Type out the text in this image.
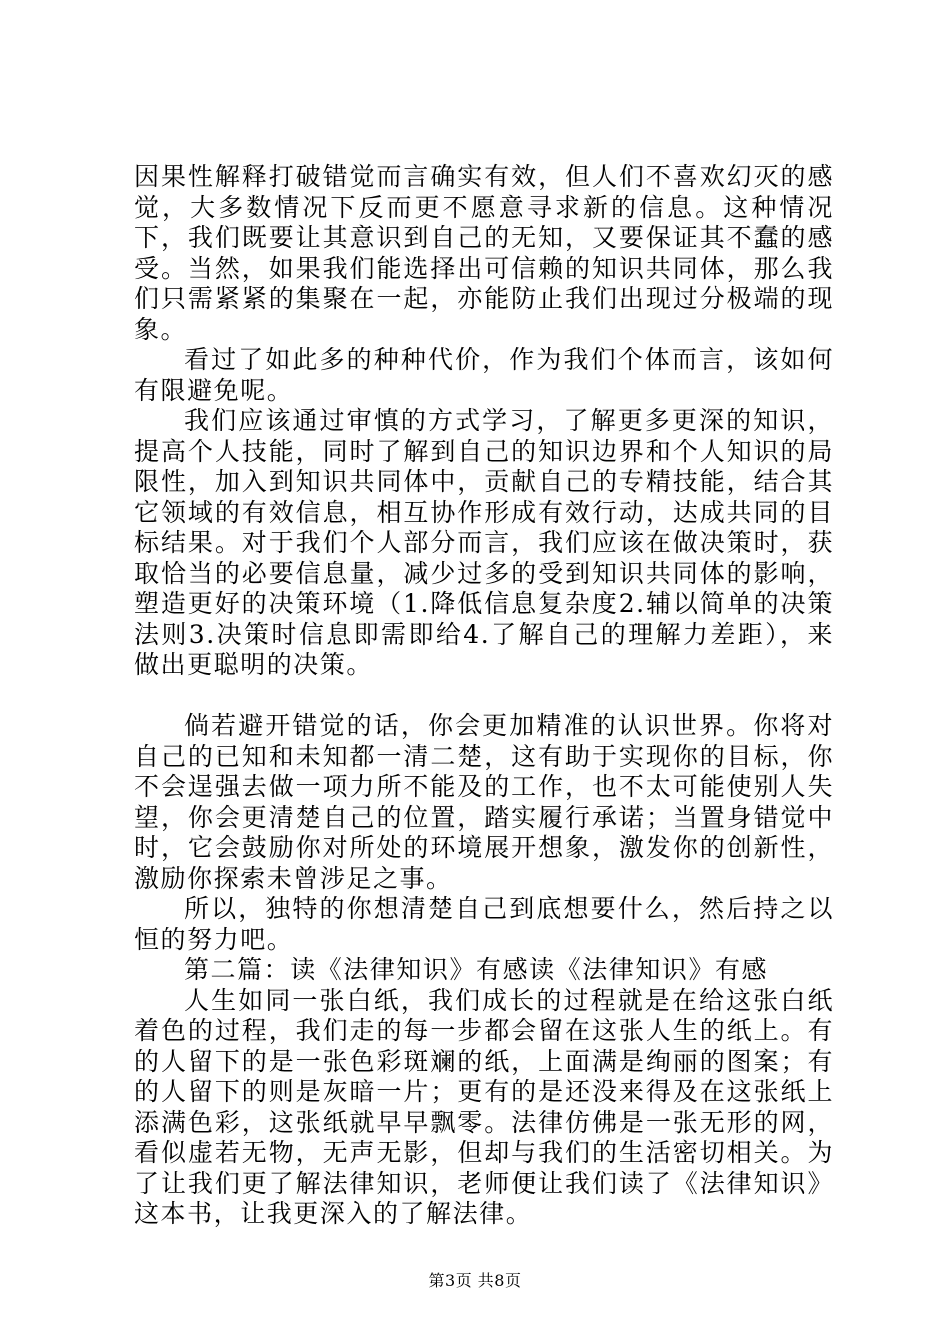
因果性解释打破错觉而言确实有效，但人们不喜欢幻灭的感觉，大多数情况下反而更不愿意寻求新的信息。这种情况下，我们既要让其意识到自己的无知，又要保证其不蠢的感受。当然，如果我们能选择出可信赖的知识共同体，那么我们只需紧紧的集聚在一起，亦能防止我们出现过分极端的现象。

看过了如此多的种种代价，作为我们个体而言，该如何有限避免呢。

我们应该通过审慎的方式学习，了解更多更深的知识，提高个人技能，同时了解到自己的知识边界和个人知识的局限性，加入到知识共同体中，贡献自己的专精技能，结合其它领域的有效信息，相互协作形成有效行动，达成共同的目标结果。对于我们个人部分而言，我们应该在做决策时，获取恰当的必要信息量，减少过多的受到知识共同体的影响，塑造更好的决策环境（1.降低信息复杂度2.辅以简单的决策法则3.决策时信息即需即给4.了解自己的理解力差距），来做出更聪明的决策。

倘若避开错觉的话，你会更加精准的认识世界。你将对自己的已知和未知都一清二楚，这有助于实现你的目标，你不会逞强去做一项力所不能及的工作，也不太可能使别人失望，你会更清楚自己的位置，踏实履行承诺；当置身错觉中时，它会鼓励你对所处的环境展开想象，激发你的创新性，激励你探索未曾涉足之事。

所以，独特的你想清楚自己到底想要什么，然后持之以恒的努力吧。

第二篇：读《法律知识》有感读《法律知识》有感

人生如同一张白纸，我们成长的过程就是在给这张白纸着色的过程，我们走的每一步都会留在这张人生的纸上。有的人留下的是一张色彩斑斓的纸，上面满是绚丽的图案；有的人留下的则是灰暗一片；更有的是还没来得及在这张纸上添满色彩，这张纸就早早飘零。法律仿佛是一张无形的网，看似虚若无物，无声无影，但却与我们的生活密切相关。为了让我们更了解法律知识，老师便让我们读了《法律知识》这本书，让我更深入的了解法律。

第3页 共8页
